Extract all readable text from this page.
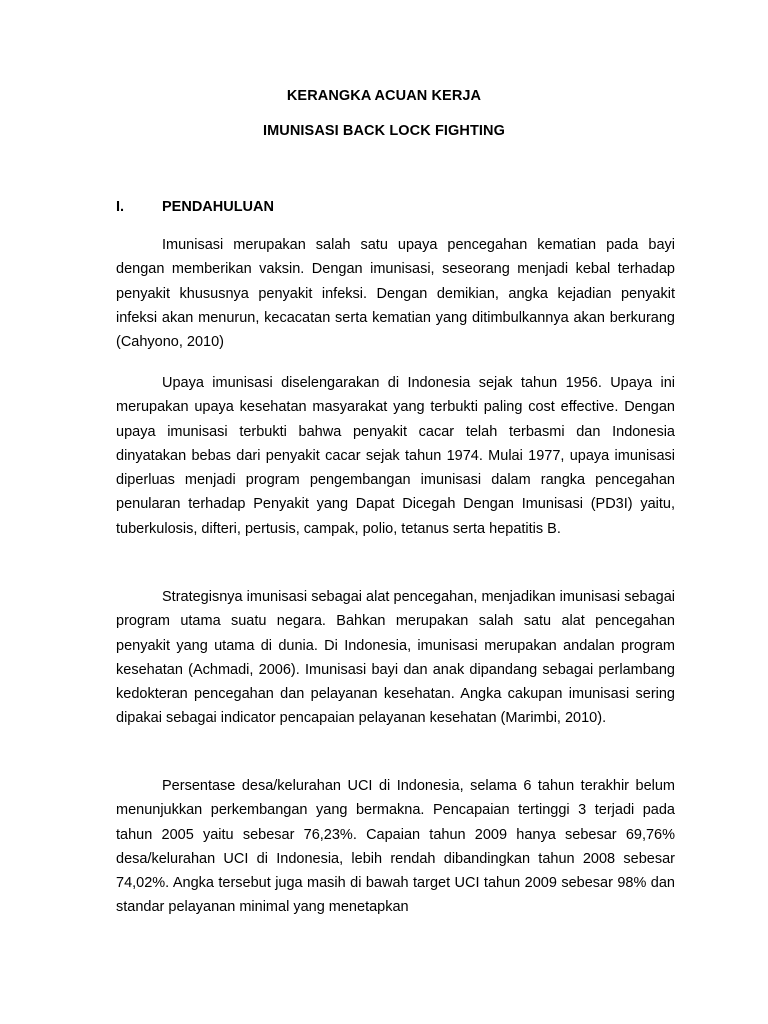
KERANGKA ACUAN KERJA
IMUNISASI BACK LOCK FIGHTING
I.	PENDAHULUAN

Imunisasi merupakan salah satu upaya pencegahan kematian pada bayi dengan memberikan vaksin. Dengan imunisasi, seseorang menjadi kebal terhadap penyakit khususnya penyakit infeksi. Dengan demikian, angka kejadian penyakit infeksi akan menurun, kecacatan serta kematian yang ditimbulkannya akan berkurang (Cahyono, 2010)

Upaya imunisasi diselengarakan di Indonesia sejak tahun 1956. Upaya ini merupakan upaya kesehatan masyarakat yang terbukti paling cost effective. Dengan upaya imunisasi terbukti bahwa penyakit cacar telah terbasmi dan Indonesia dinyatakan bebas dari penyakit cacar sejak tahun 1974. Mulai 1977, upaya imunisasi diperluas menjadi program pengembangan imunisasi dalam rangka pencegahan penularan terhadap Penyakit yang Dapat Dicegah Dengan Imunisasi (PD3I) yaitu, tuberkulosis, difteri, pertusis, campak, polio, tetanus serta hepatitis B.

Strategisnya imunisasi sebagai alat pencegahan, menjadikan imunisasi sebagai program utama suatu negara. Bahkan merupakan salah satu alat pencegahan penyakit yang utama di dunia. Di Indonesia, imunisasi merupakan andalan program kesehatan (Achmadi, 2006). Imunisasi bayi dan anak dipandang sebagai perlambang kedokteran pencegahan dan pelayanan kesehatan. Angka cakupan imunisasi sering dipakai sebagai indicator pencapaian pelayanan kesehatan (Marimbi, 2010).

Persentase desa/kelurahan UCI di Indonesia, selama 6 tahun terakhir belum menunjukkan perkembangan yang bermakna. Pencapaian tertinggi 3 terjadi pada tahun 2005 yaitu sebesar 76,23%. Capaian tahun 2009 hanya sebesar 69,76% desa/kelurahan UCI di Indonesia, lebih rendah dibandingkan tahun 2008 sebesar 74,02%. Angka tersebut juga masih di bawah target UCI tahun 2009 sebesar 98% dan standar pelayanan minimal yang menetapkan
